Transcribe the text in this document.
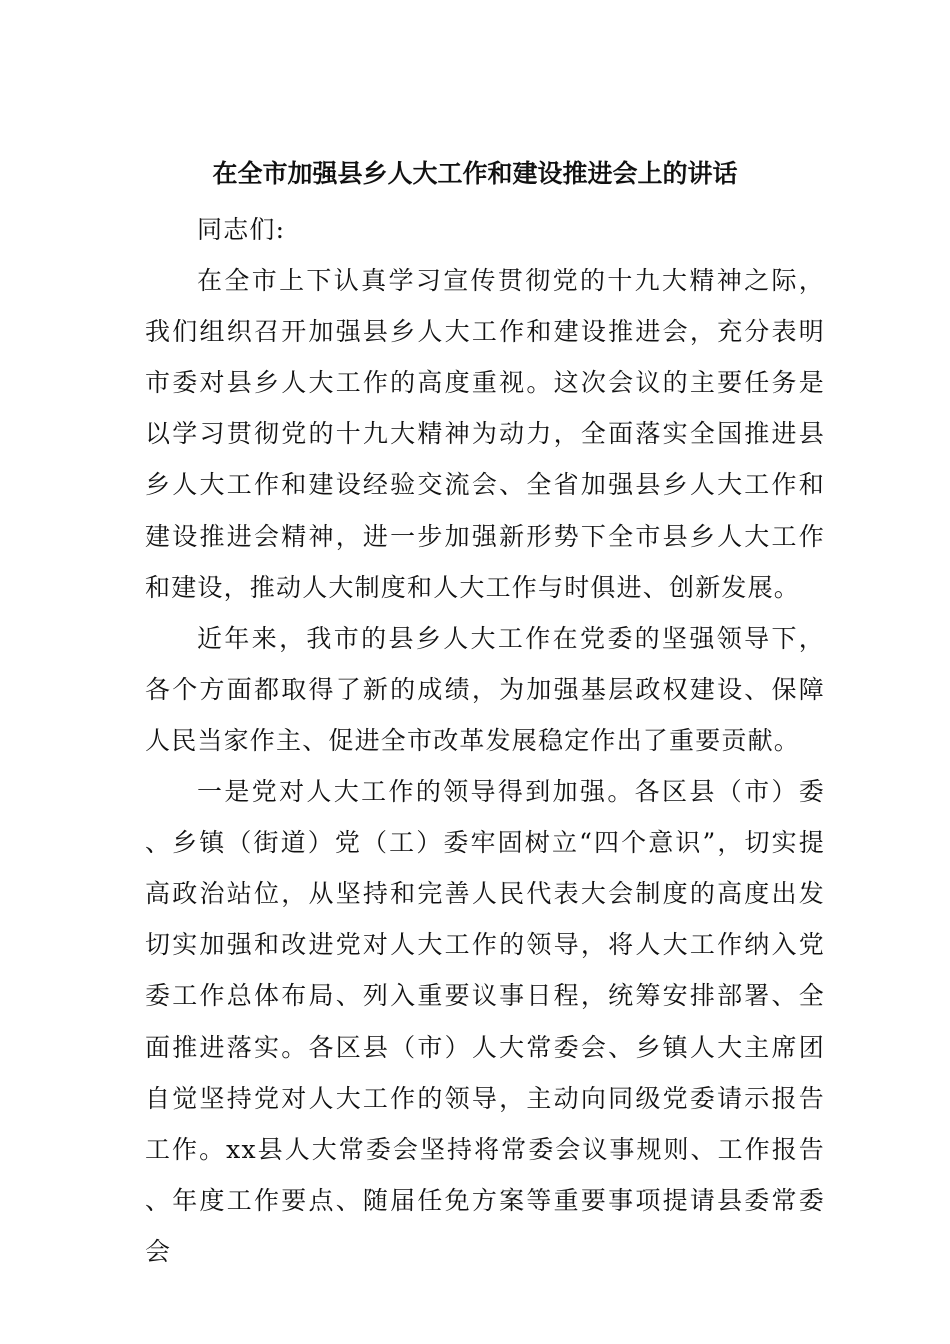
在全市加强县乡人大工作和建设推进会上的讲话

同志们:

在全市上下认真学习宣传贯彻党的十九大精神之际，我们组织召开加强县乡人大工作和建设推进会，充分表明市委对县乡人大工作的高度重视。这次会议的主要任务是以学习贯彻党的十九大精神为动力，全面落实全国推进县乡人大工作和建设经验交流会、全省加强县乡人大工作和建设推进会精神，进一步加强新形势下全市县乡人大工作和建设，推动人大制度和人大工作与时俱进、创新发展。

近年来，我市的县乡人大工作在党委的坚强领导下，各个方面都取得了新的成绩，为加强基层政权建设、保障人民当家作主、促进全市改革发展稳定作出了重要贡献。

一是党对人大工作的领导得到加强。各区县（市）委、乡镇（街道）党（工）委牢固树立“四个意识”，切实提高政治站位，从坚持和完善人民代表大会制度的高度出发切实加强和改进党对人大工作的领导，将人大工作纳入党委工作总体布局、列入重要议事日程，统筹安排部署、全面推进落实。各区县（市）人大常委会、乡镇人大主席团自觉坚持党对人大工作的领导，主动向同级党委请示报告工作。xx县人大常委会坚持将常委会议事规则、工作报告、年度工作要点、随届任免方案等重要事项提请县委常委会
